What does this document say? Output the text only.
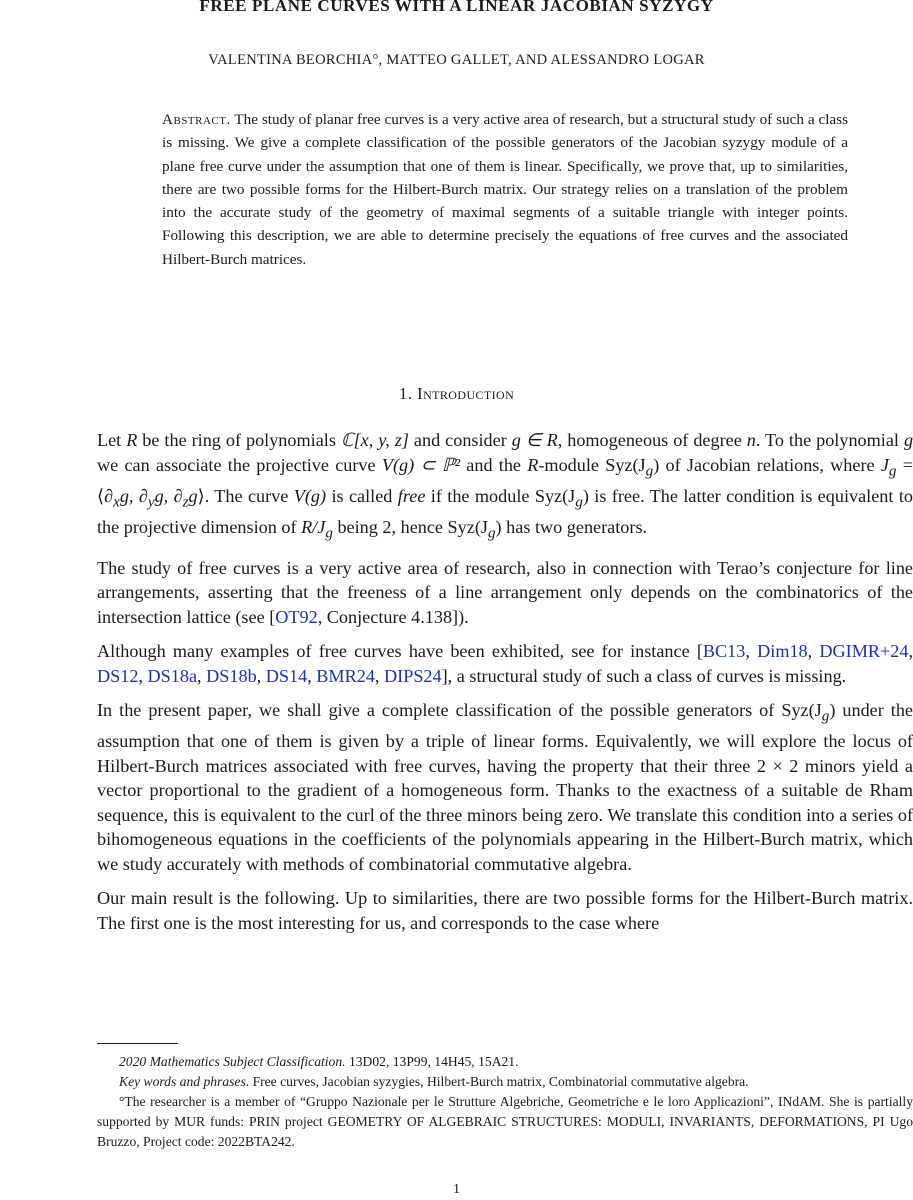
FREE PLANE CURVES WITH A LINEAR JACOBIAN SYZYGY
VALENTINA BEORCHIA°, MATTEO GALLET, AND ALESSANDRO LOGAR

Abstract. The study of planar free curves is a very active area of research, but a structural study of such a class is missing. We give a complete classification of the possible generators of the Jacobian syzygy module of a plane free curve under the assumption that one of them is linear. Specifically, we prove that, up to similarities, there are two possible forms for the Hilbert-Burch matrix. Our strategy relies on a translation of the problem into the accurate study of the geometry of maximal segments of a suitable triangle with integer points. Following this description, we are able to determine precisely the equations of free curves and the associated Hilbert-Burch matrices.

1. Introduction

Let R be the ring of polynomials ℂ[x, y, z] and consider g ∈ R, homogeneous of degree n. To the polynomial g we can associate the projective curve V(g) ⊂ ℙ² and the R-module $Syz(J_g)$ of Jacobian relations, where $J_g$ = $⟨\partial_xg$, $\partial_yg$, $\partial_zg⟩$. The curve V(g) is called free if the module $Syz(J_g)$ is free. The latter condition is equivalent to the projective dimension of $R/J_g$ being 2, hence $Syz(J_g)$ has two generators.

The study of free curves is a very active area of research, also in connection with Terao’s conjecture for line arrangements, asserting that the freeness of a line arrangement only depends on the combinatorics of the intersection lattice (see [OT92, Conjecture 4.138]).

Although many examples of free curves have been exhibited, see for instance [BC13, Dim18, DGIMR+24, DS12, DS18a, DS18b, DS14, BMR24, DIPS24], a structural study of such a class of curves is missing.

In the present paper, we shall give a complete classification of the possible generators of $Syz(J_g)$ under the assumption that one of them is given by a triple of linear forms. Equivalently, we will explore the locus of Hilbert-Burch matrices associated with free curves, having the property that their three 2 × 2 minors yield a vector proportional to the gradient of a homogeneous form. Thanks to the exactness of a suitable de Rham sequence, this is equivalent to the curl of the three minors being zero. We translate this condition into a series of bihomogeneous equations in the coefficients of the polynomials appearing in the Hilbert-Burch matrix, which we study accurately with methods of combinatorial commutative algebra.

Our main result is the following. Up to similarities, there are two possible forms for the Hilbert-Burch matrix. The first one is the most interesting for us, and corresponds to the case where

2020 Mathematics Subject Classification. 13D02, 13P99, 14H45, 15A21.

Key words and phrases. Free curves, Jacobian syzygies, Hilbert-Burch matrix, Combinatorial commutative algebra.

°The researcher is a member of “Gruppo Nazionale per le Strutture Algebriche, Geometriche e le loro Applicazioni”, INdAM. She is partially supported by MUR funds: PRIN project GEOMETRY OF ALGEBRAIC STRUCTURES: MODULI, INVARIANTS, DEFORMATIONS, PI Ugo Bruzzo, Project code: 2022BTA242.

1
